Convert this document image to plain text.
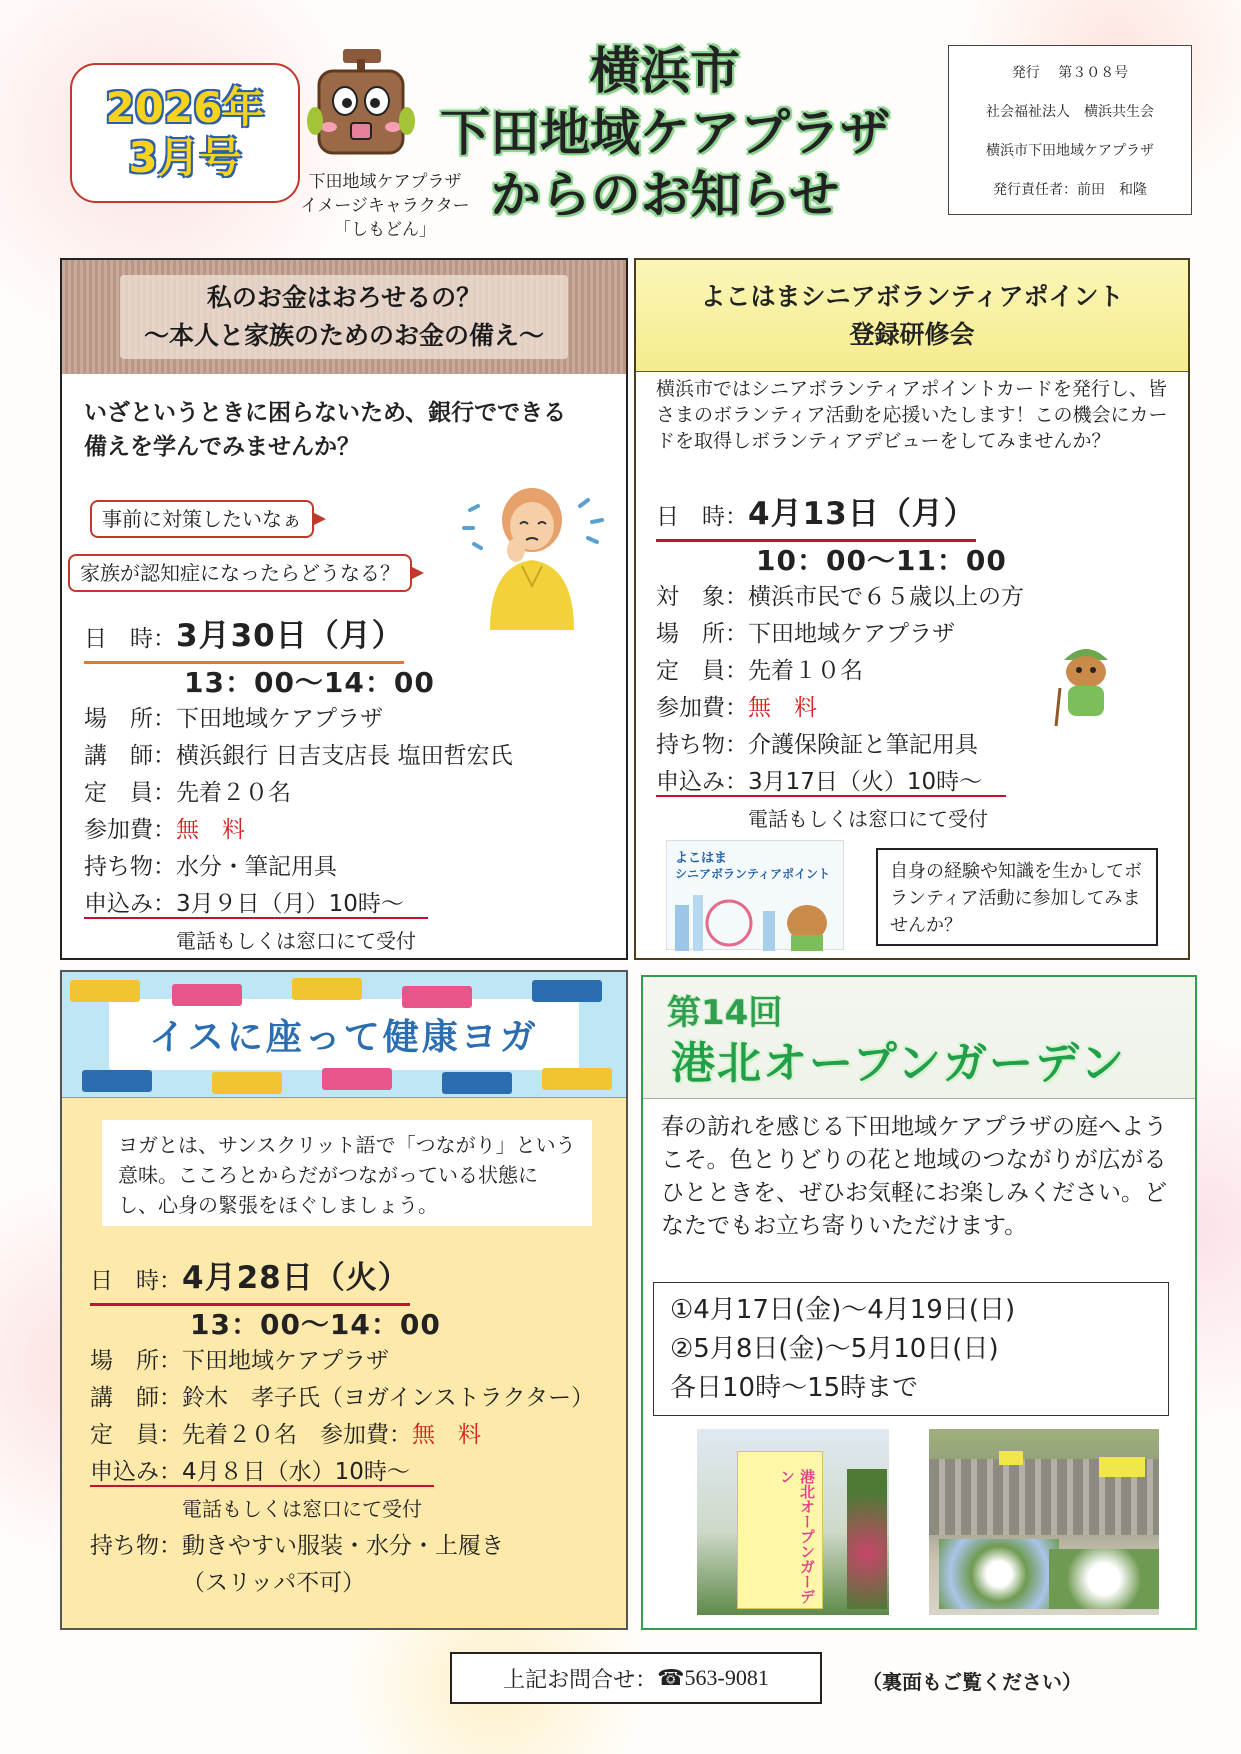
2026年
3月号	下田地域ケアプラザ
イメージキャラクター
「しもどん」
横浜市
下田地域ケアプラザ
からのお知らせ
発行　 第３０８号
社会福祉法人　横浜共生会
横浜市下田地域ケアプラザ
発行責任者：前田　和隆
私のお金はおろせるの？
～本人と家族のためのお金の備え～
いざというときに困らないため、銀行でできる
備えを学んでみませんか？
事前に対策したいなぁ
家族が認知症になったらどうなる？
日　時：3月30日（月）
13：00～14：00
場　所：下田地域ケアプラザ
講　師：横浜銀行 日吉支店長 塩田哲宏氏
定　員：先着２０名
参加費：無　料
持ち物：水分・筆記用具
申込み：3月９日（月）10時～
電話もしくは窓口にて受付
よこはまシニアボランティアポイント
登録研修会
横浜市ではシニアボランティアポイントカードを発行し、皆さまのボランティア活動を応援いたします！この機会にカードを取得しボランティアデビューをしてみませんか？
日　時：4月13日（月）
10：00～11：00
対　象：横浜市民で６５歳以上の方
場　所：下田地域ケアプラザ
定　員：先着１０名
参加費：無　料
持ち物：介護保険証と筆記用具
申込み：3月17日（火）10時～
電話もしくは窓口にて受付
よこはま
シニアボランティアポイント	自身の経験や知識を生かしてボランティア活動に参加してみませんか？
イスに座って健康ヨガ
ヨガとは、サンスクリット語で「つながり」という意味。こころとからだがつながっている状態にし、心身の緊張をほぐしましょう。
日　時：4月28日（火）
13：00～14：00
場　所：下田地域ケアプラザ
講　師：鈴木　孝子氏（ヨガインストラクター）
定　員：先着２０名　参加費：無　料
申込み：4月８日（水）10時～
電話もしくは窓口にて受付
持ち物：動きやすい服装・水分・上履き
（スリッパ不可）
第14回
港北オープンガーデン
春の訪れを感じる下田地域ケアプラザの庭へようこそ。色とりどりの花と地域のつながりが広がるひとときを、ぜひお気軽にお楽しみください。どなたでもお立ち寄りいただけます。
①4月17日(金)～4月19日(日)
②5月8日(金)～5月10日(日)
各日10時～15時まで
港北オープンガーデン
上記お問合せ： ☎563-9081	（裏面もご覧ください）
